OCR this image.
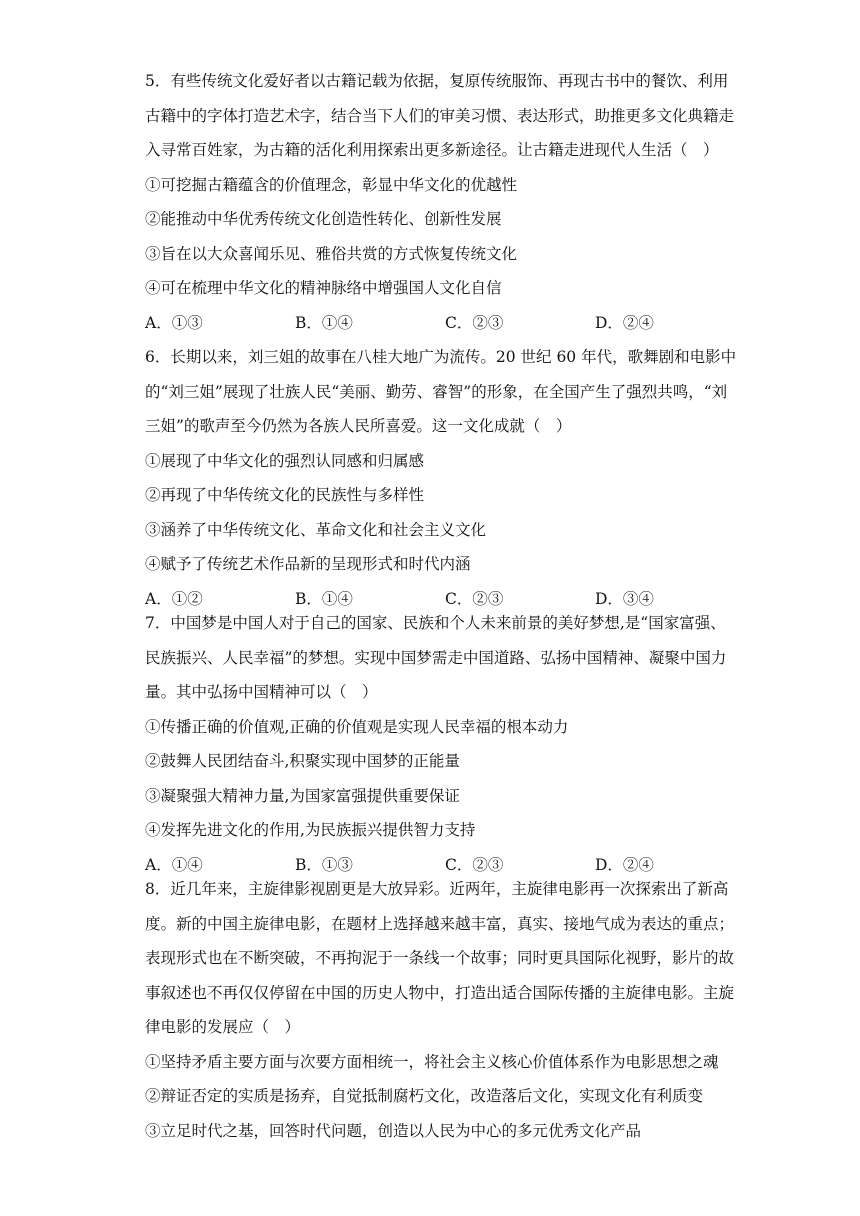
5．有些传统文化爱好者以古籍记载为依据，复原传统服饰、再现古书中的餐饮、利用

古籍中的字体打造艺术字，结合当下人们的审美习惯、表达形式，助推更多文化典籍走

入寻常百姓家，为古籍的活化利用探索出更多新途径。让古籍走进现代人生活（　）

①可挖掘古籍蕴含的价值理念，彰显中华文化的优越性

②能推动中华优秀传统文化创造性转化、创新性发展

③旨在以大众喜闻乐见、雅俗共赏的方式恢复传统文化

④可在梳理中华文化的精神脉络中增强国人文化自信

A．①③	B．①④	C．②③	D．②④

6．长期以来，刘三姐的故事在八桂大地广为流传。20 世纪 60 年代，歌舞剧和电影中

的“刘三姐”展现了壮族人民“美丽、勤劳、睿智”的形象，在全国产生了强烈共鸣，“刘

三姐”的歌声至今仍然为各族人民所喜爱。这一文化成就（　）

①展现了中华文化的强烈认同感和归属感

②再现了中华传统文化的民族性与多样性

③涵养了中华传统文化、革命文化和社会主义文化

④赋予了传统艺术作品新的呈现形式和时代内涵

A．①②	B．①④	C．②③	D．③④

7．中国梦是中国人对于自己的国家、民族和个人未来前景的美好梦想,是“国家富强、

民族振兴、人民幸福”的梦想。实现中国梦需走中国道路、弘扬中国精神、凝聚中国力

量。其中弘扬中国精神可以（　）

①传播正确的价值观,正确的价值观是实现人民幸福的根本动力

②鼓舞人民团结奋斗,积聚实现中国梦的正能量

③凝聚强大精神力量,为国家富强提供重要保证

④发挥先进文化的作用,为民族振兴提供智力支持

A．①④	B．①③	C．②③	D．②④

8．近几年来，主旋律影视剧更是大放异彩。近两年，主旋律电影再一次探索出了新高

度。新的中国主旋律电影，在题材上选择越来越丰富，真实、接地气成为表达的重点；

表现形式也在不断突破，不再拘泥于一条线一个故事；同时更具国际化视野，影片的故

事叙述也不再仅仅停留在中国的历史人物中，打造出适合国际传播的主旋律电影。主旋

律电影的发展应（　）

①坚持矛盾主要方面与次要方面相统一，将社会主义核心价值体系作为电影思想之魂

②辩证否定的实质是扬弃，自觉抵制腐朽文化，改造落后文化，实现文化有利质变

③立足时代之基，回答时代问题，创造以人民为中心的多元优秀文化产品
